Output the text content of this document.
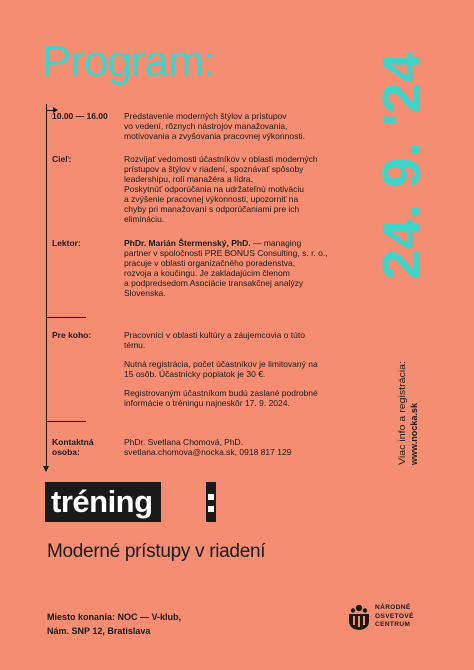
Program:	24. 9. '24
10.00 — 16.00 Predstavenie moderných štýlov a prístupov
vo vedení, rôznych nástrojov manažovania,
motivovania a zvyšovania pracovnej výkonnosti.
Cieľ:	Rozvíjať vedomosti účastníkov v oblasti moderných
prístupov a štýlov v riadení, spoznávať spôsoby
leadershipu, rolí manažéra a lídra.
Poskytnúť odporúčania na udržateľnú motiváciu
a zvýšenie pracovnej výkonnosti, upozorniť na
chyby pri manažovaní s odporúčaniami pre ich
elimináciu.
Lektor:	PhDr. Marián Štermenský, PhD. — managing
partner v spoločnosti PRE BONUS Consulting, s. r. o.,
pracuje v oblasti organizačného poradenstva,
rozvoja a koučingu. Je zakladajúcim členom
a podpredsedom Asociácie transakčnej analýzy
Slovenska.
Pre koho:	Pracovníci v oblasti kultúry a záujemcovia o túto
tému.

Nutná registrácia, počet účastníkov je limitovaný na
15 osôb. Účastnícky poplatok je 30 €.

Registrovaným účastníkom budú zaslané podrobné
informácie o tréningu najneskôr 17. 9. 2024.

Kontaktná
osoba:
PhDr. Svetlana Chomová, PhD.
svetlana.chomova@nocka.sk, 0918 817 129	Viac info a registrácia: www.nocka.sk
tréning
Moderné prístupy v riadení
Miesto konania: NOC — V-klub,
Nám. SNP 12, Bratislava
NÁRODNÉ
OSVETOVÉ
CENTRUM
